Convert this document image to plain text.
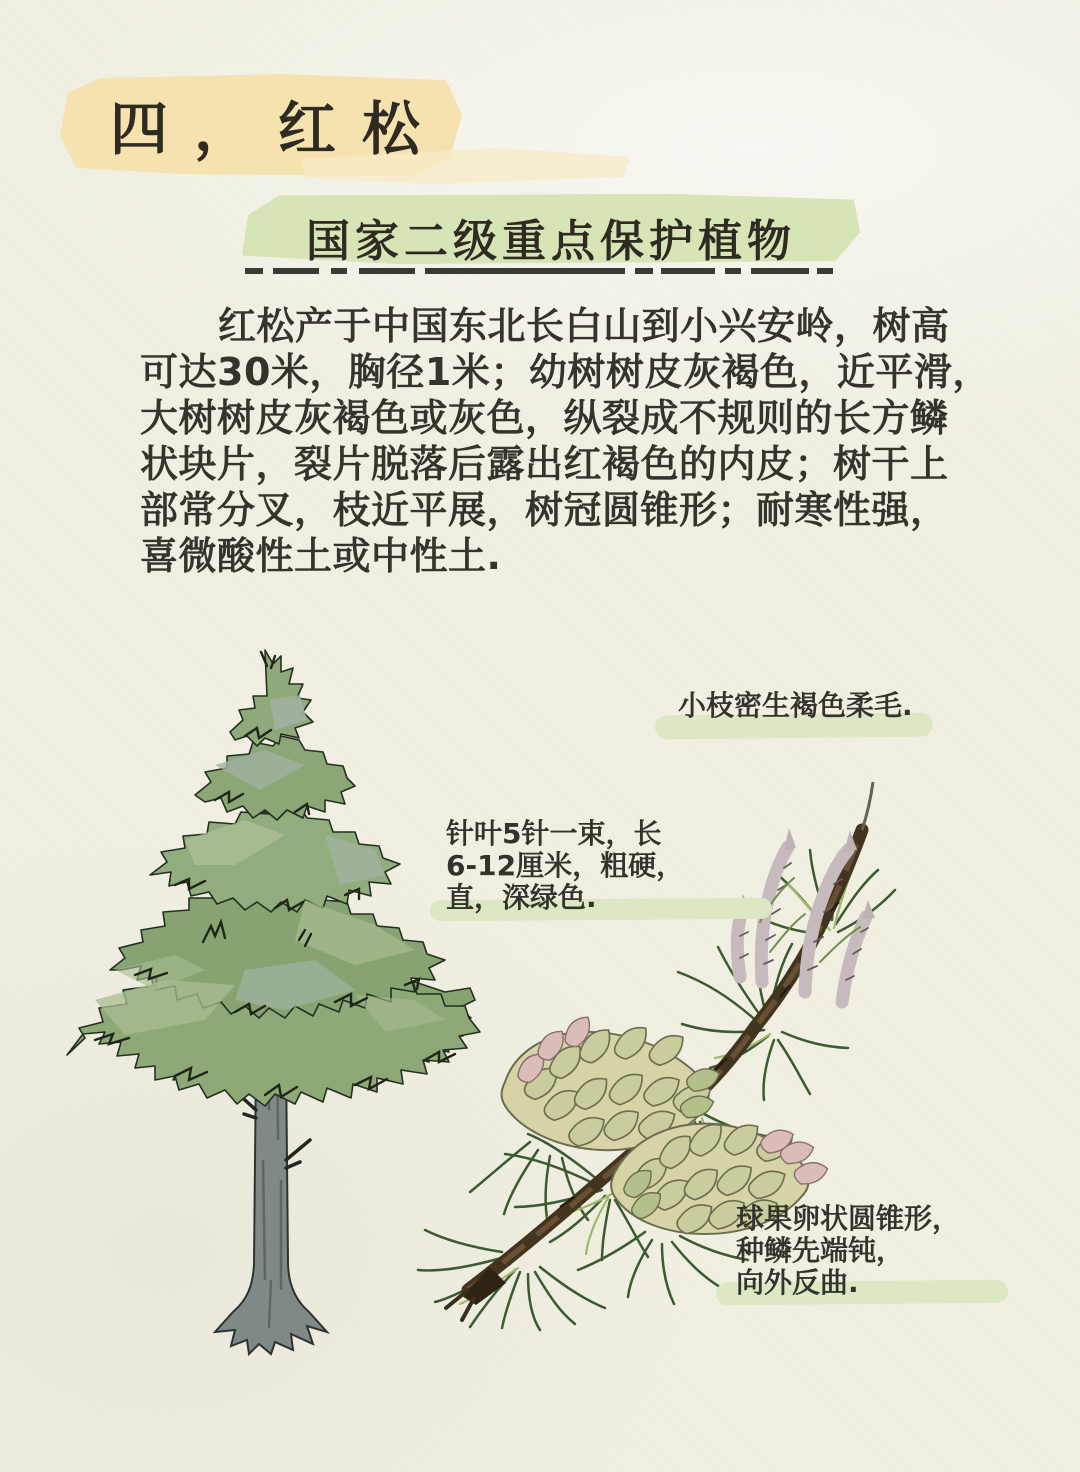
四，红松
国家二级重点保护植物
红松产于中国东北长白山到小兴安岭，树高
可达30米，胸径1米；幼树树皮灰褐色，近平滑，
大树树皮灰褐色或灰色，纵裂成不规则的长方鳞
状块片，裂片脱落后露出红褐色的内皮；树干上
部常分叉，枝近平展，树冠圆锥形；耐寒性强，
喜微酸性土或中性土.
小枝密生褐色柔毛.
针叶5针一束，长
6-12厘米，粗硬，
直，深绿色.
球果卵状圆锥形，
种鳞先端钝，
向外反曲.
